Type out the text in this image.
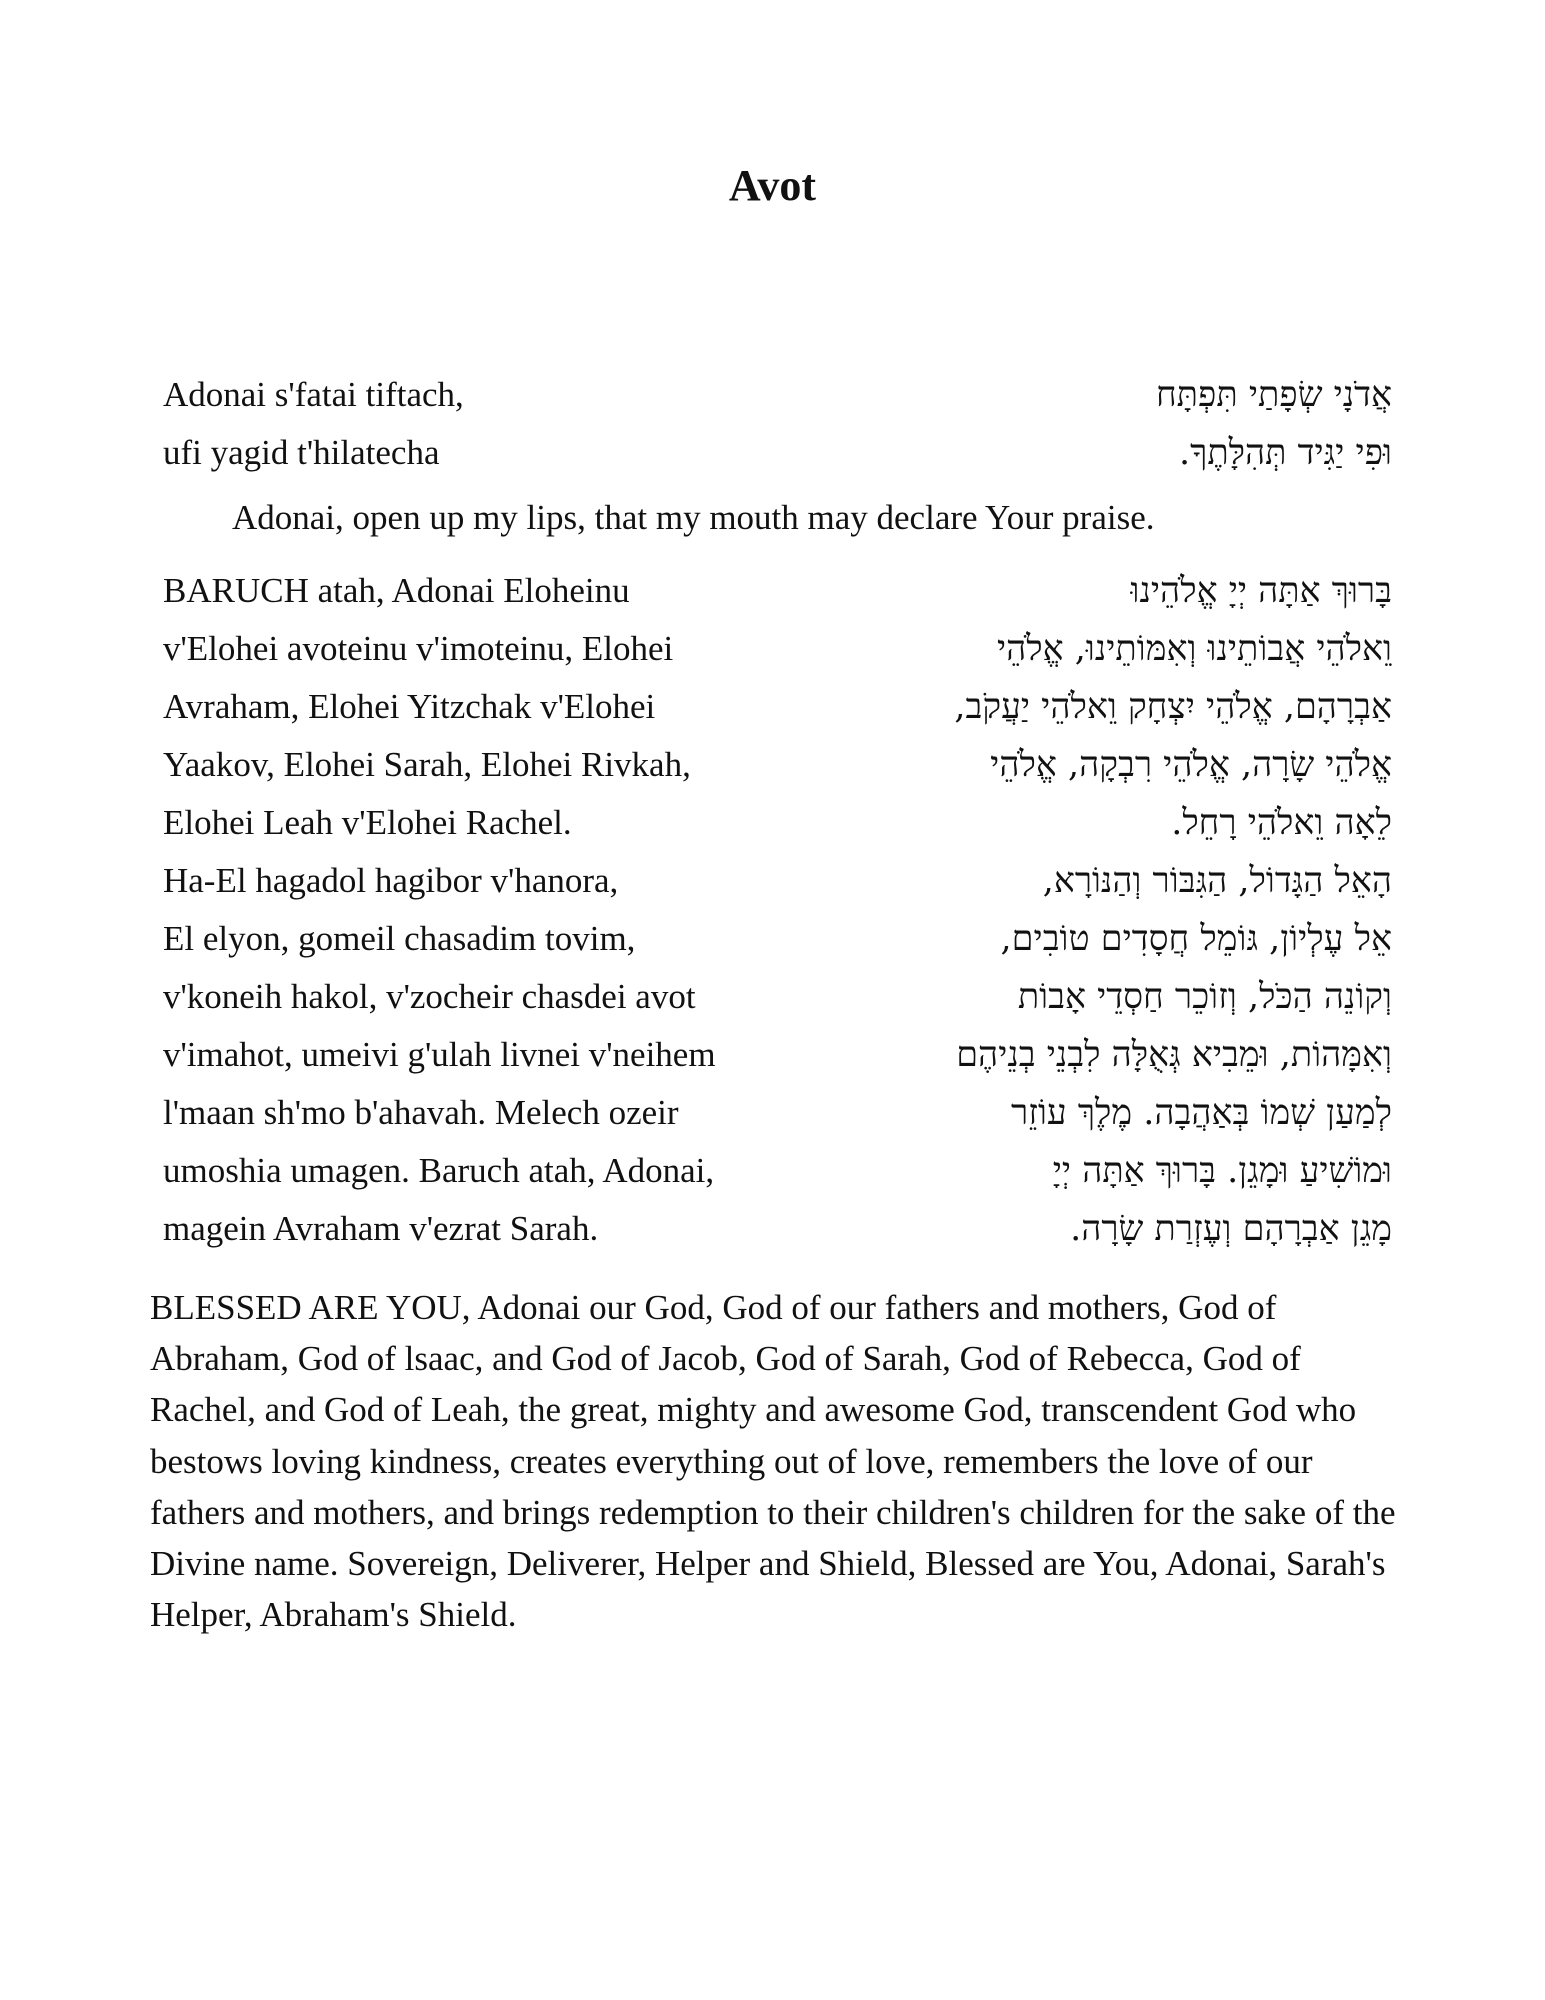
Avot
Adonai s'fatai tiftach,
ufi yagid t'hilatecha
אֲדֹנָי שְׂפָתַי תִּפְתָּח
וּפִי יַגִּיד תְּהִלָּתֶךָ.
Adonai, open up my lips, that my mouth may declare Your praise.
BARUCH atah, Adonai Eloheinu
v'Elohei avoteinu v'imoteinu, Elohei
Avraham, Elohei Yitzchak v'Elohei
Yaakov, Elohei Sarah, Elohei Rivkah,
Elohei Leah v'Elohei Rachel.
Ha-El hagadol hagibor v'hanora,
El elyon, gomeil chasadim tovim,
v'koneih hakol, v'zocheir chasdei avot
v'imahot, umeivi g'ulah livnei v'neihem
l'maan sh'mo b'ahavah. Melech ozeir
umoshia umagen. Baruch atah, Adonai,
magein Avraham v'ezrat Sarah.
בָּרוּךְ אַתָּה יְיָ אֱלֹהֵינוּ
וֵאלֹהֵי אֲבוֹתֵינוּ וְאִמּוֹתֵינוּ, אֱלֹהֵי
אַבְרָהָם, אֱלֹהֵי יִצְחָק וֵאלֹהֵי יַעֲקֹב,
אֱלֹהֵי שָׂרָה, אֱלֹהֵי רִבְקָה, אֱלֹהֵי
לֵאָה וֵאלֹהֵי רָחֵל.
הָאֵל הַגָּדוֹל, הַגִּבּוֹר וְהַנּוֹרָא,
אֵל עֶלְיוֹן, גּוֹמֵל חֲסָדִים טוֹבִים,
וְקוֹנֵה הַכֹּל, וְזוֹכֵר חַסְדֵי אָבוֹת
וְאִמָּהוֹת, וּמֵבִיא גְּאֻלָּה לִבְנֵי בְנֵיהֶם
לְמַעַן שְׁמוֹ בְּאַהֲבָה. מֶלֶךְ עוֹזֵר
וּמוֹשִׁיעַ וּמָגֵן. בָּרוּךְ אַתָּה יְיָ
מָגֵן אַבְרָהָם וְעֶזְרַת שָׂרָה.

BLESSED ARE YOU, Adonai our God, God of our fathers and mothers, God of Abraham, God of lsaac, and God of Jacob, God of Sarah, God of Rebecca, God of Rachel, and God of Leah, the great, mighty and awesome God, transcendent God who bestows loving kindness, creates everything out of love, remembers the love of our fathers and mothers, and brings redemption to their children's children for the sake of the Divine name. Sovereign, Deliverer, Helper and Shield, Blessed are You, Adonai, Sarah's Helper, Abraham's Shield.
